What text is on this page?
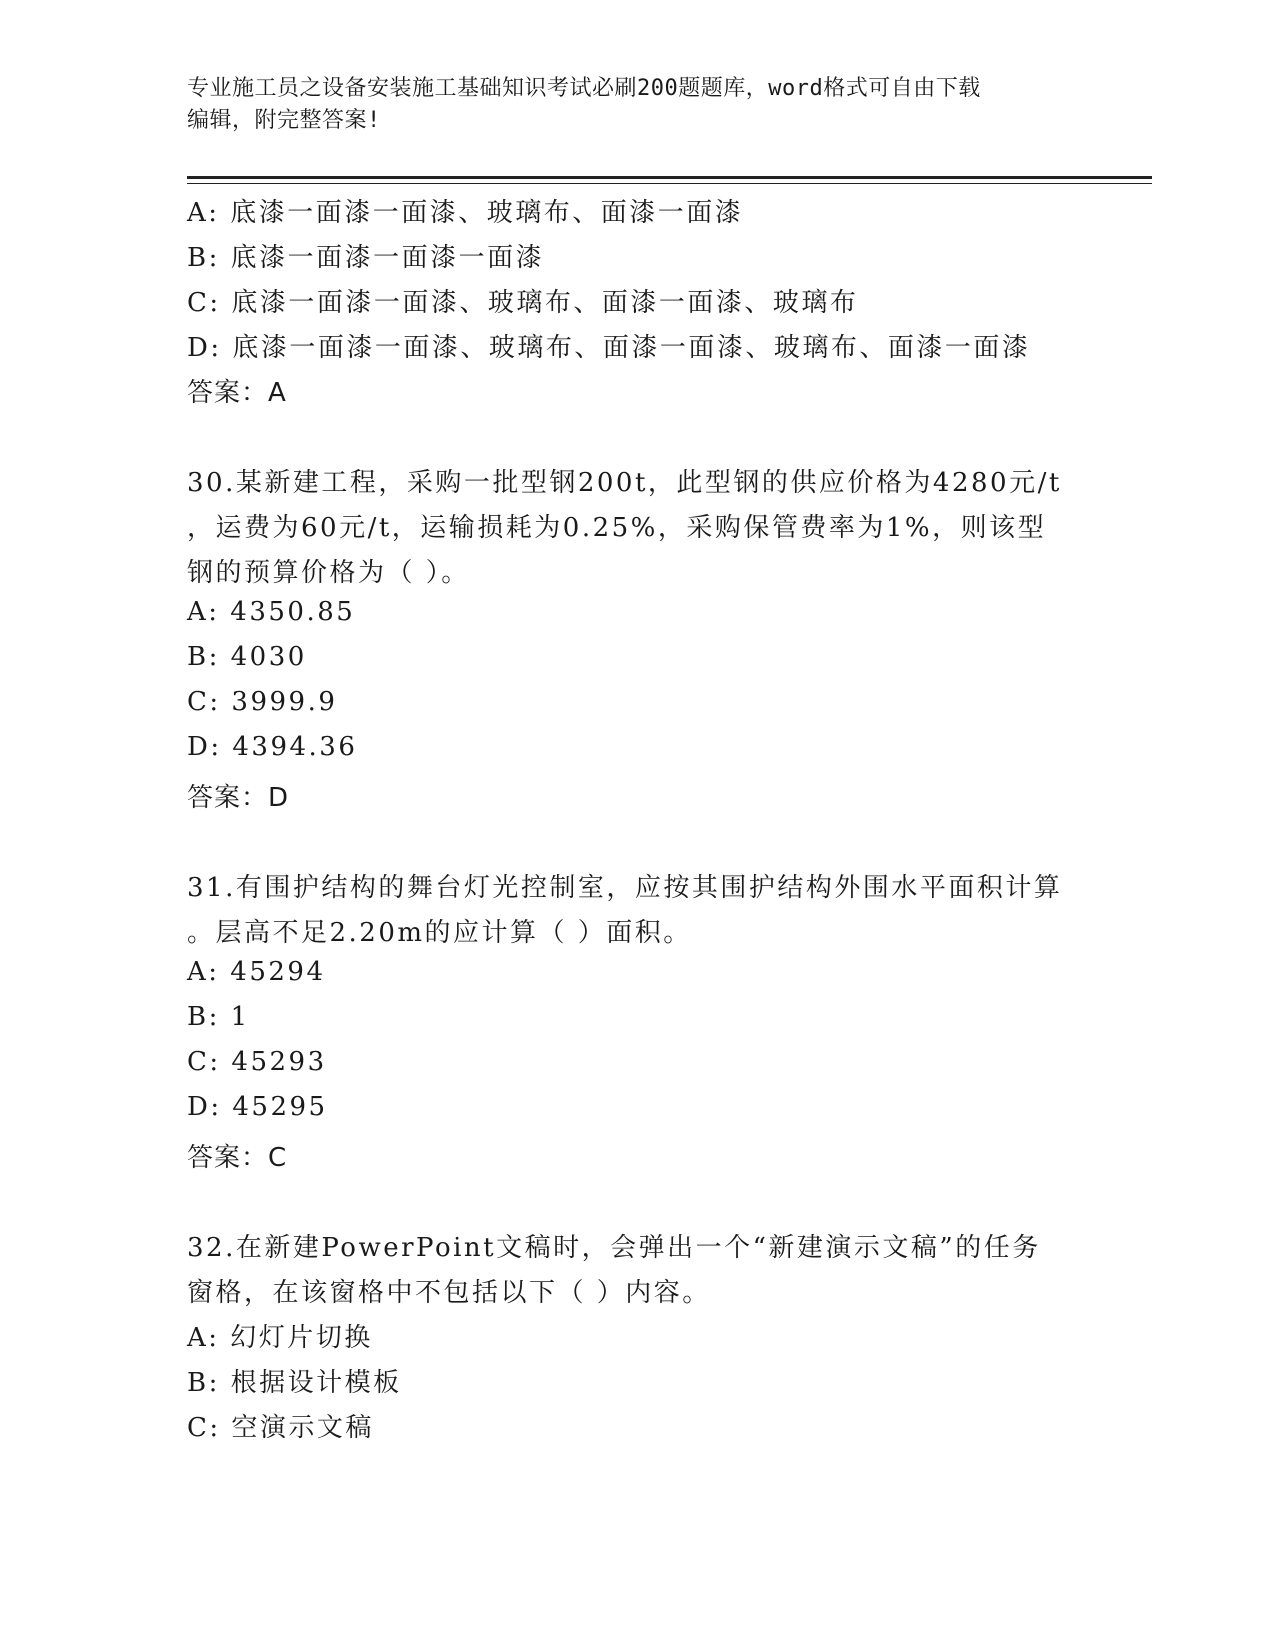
专业施工员之设备安装施工基础知识考试必刷200题题库，word格式可自由下载
编辑，附完整答案!
A: 底漆一面漆一面漆、玻璃布、面漆一面漆
B: 底漆一面漆一面漆一面漆
C: 底漆一面漆一面漆、玻璃布、面漆一面漆、玻璃布
D: 底漆一面漆一面漆、玻璃布、面漆一面漆、玻璃布、面漆一面漆
答案：A
30.某新建工程，采购一批型钢200t，此型钢的供应价格为4280元/t
，运费为60元/t，运输损耗为0.25%，采购保管费率为1%，则该型
钢的预算价格为（ ）。
A: 4350.85
B: 4030
C: 3999.9
D: 4394.36
答案：D
31.有围护结构的舞台灯光控制室，应按其围护结构外围水平面积计算
。层高不足2.20m的应计算（ ）面积。
A: 45294
B: 1
C: 45293
D: 45295
答案：C
32.在新建PowerPoint文稿时，会弹出一个“新建演示文稿”的任务
窗格，在该窗格中不包括以下（ ）内容。
A: 幻灯片切换
B: 根据设计模板
C: 空演示文稿
